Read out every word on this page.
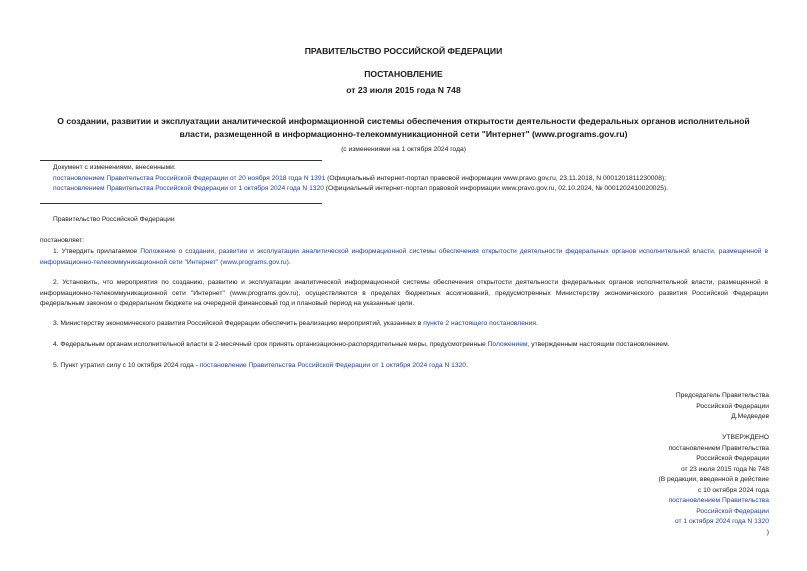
ПРАВИТЕЛЬСТВО РОССИЙСКОЙ ФЕДЕРАЦИИ
ПОСТАНОВЛЕНИЕ
от 23 июля 2015 года N 748
О создании, развитии и эксплуатации аналитической информационной системы обеспечения открытости деятельности федеральных органов исполнительной
власти, размещенной в информационно-телекоммуникационной сети "Интернет" (www.programs.gov.ru)
(с изменениями на 1 октября 2024 года)
Документ с изменениями, внесенными:
постановлением Правительства Российской Федерации от 20 ноября 2018 года N 1391 (Официальный интернет-портал правовой информации www.pravo.gov.ru, 23.11.2018, N 0001201811230008);
постановлением Правительства Российской Федерации от 1 октября 2024 года N 1320 (Официальный интернет-портал правовой информации www.pravo.gov.ru, 02.10.2024, № 0001202410020025).
Правительство Российской Федерации
постановляет:
1. Утвердить прилагаемое Положение о создании, развитии и эксплуатации аналитической информационной системы обеспечения открытости деятельности федеральных органов исполнительной власти, размещенной в информационно-телекоммуникационной сети "Интернет" (www.programs.gov.ru).
2. Установить, что мероприятия по созданию, развитию и эксплуатации аналитической информационной системы обеспечения открытости деятельности федеральных органов исполнительной власти, размещенной в информационно-телекоммуникационной сети "Интернет" (www.programs.gov.ru), осуществляются в пределах бюджетных ассигнований, предусмотренных Министерству экономического развития Российской Федерации федеральным законом о федеральном бюджете на очередной финансовый год и плановый период на указанные цели.
3. Министерству экономического развития Российской Федерации обеспечить реализацию мероприятий, указанных в пункте 2 настоящего постановления.
4. Федеральным органам исполнительной власти в 2-месячный срок принять организационно-распорядительные меры, предусмотренные Положением, утвержденным настоящим постановлением.
5. Пункт утратил силу с 10 октября 2024 года - постановление Правительства Российской Федерации от 1 октября 2024 года N 1320.
Председатель Правительства
Российской Федерации
Д.Медведев
УТВЕРЖДЕНО
постановлением Правительства
Российской Федерации
от 23 июля 2015 года № 748
(В редакции, введенной в действие
с 10 октября 2024 года
постановлением Правительства
Российской Федерации
от 1 октября 2024 года N 1320
)
